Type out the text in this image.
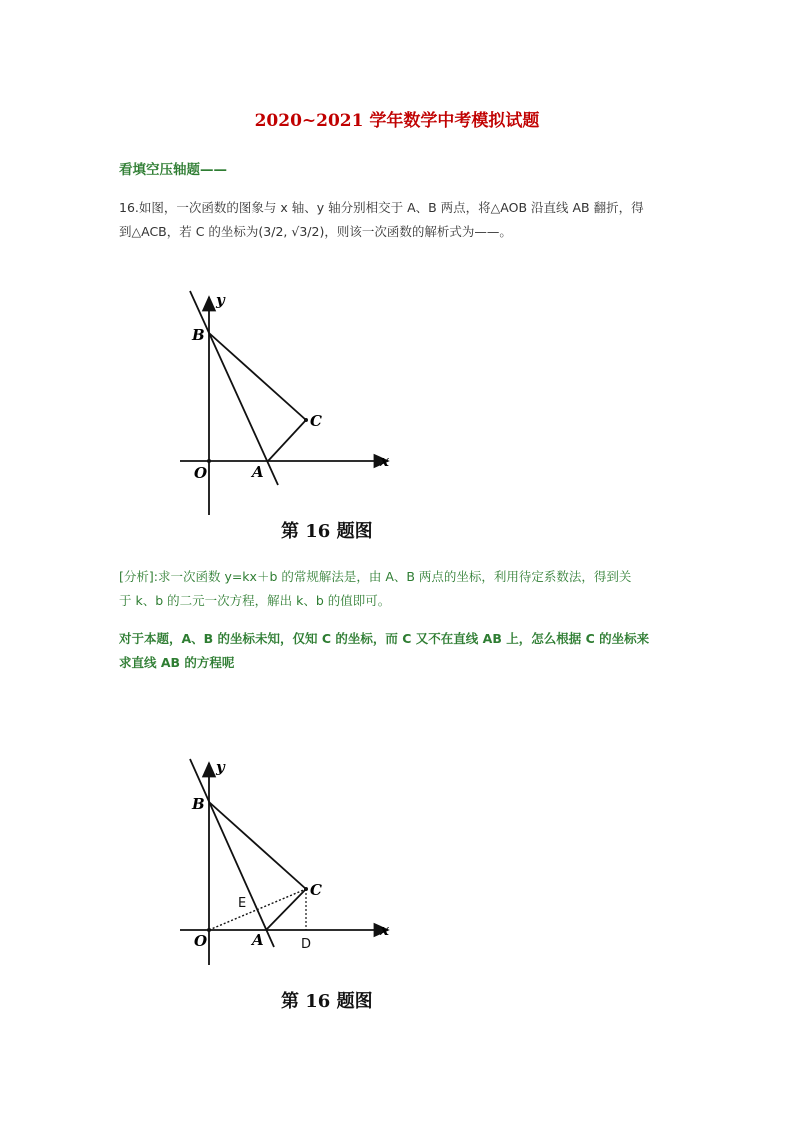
2020~2021 学年数学中考模拟试题
看填空压轴题——
16.如图，一次函数的图象与 x 轴、y 轴分别相交于 A、B 两点，将△AOB 沿直线 AB 翻折，得
到△ACB，若 C 的坐标为(3/2, √3/2)，则该一次函数的解析式为——。
y
B
C
x
O	A
第 16 题图
[分析]:求一次函数 y=kx＋b 的常规解法是，由 A、B 两点的坐标，利用待定系数法，得到关
于 k、b 的二元一次方程，解出 k、b 的值即可。
对于本题，A、B 的坐标未知，仅知 C 的坐标，而 C 又不在直线 AB 上，怎么根据 C 的坐标来
求直线 AB 的方程呢
y
B
C
E
x
O	A	D
第 16 题图
